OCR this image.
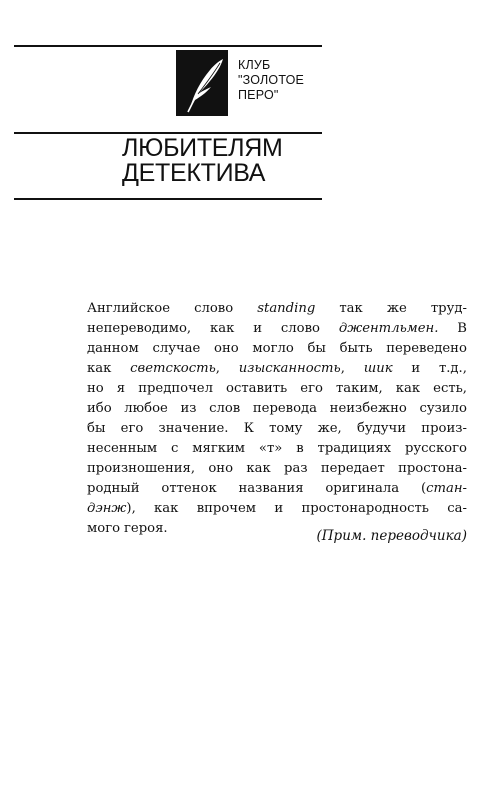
КЛУБ
"ЗОЛОТОЕ
ПЕРО"
ЛЮБИТЕЛЯМ
ДЕТЕКТИВА
Английское слово standing так же труд-
непереводимо, как и слово джентльмен. В
данном случае оно могло бы быть переведено
как светскость, изысканность, шик и т.д.,
но я предпочел оставить его таким, как есть,
ибо любое из слов перевода неизбежно сузило
бы его значение. К тому же, будучи произ-
несенным с мягким «т» в традициях русского
произношения, оно как раз передает простона-
родный оттенок названия оригинала (стан-
дэнж), как впрочем и простонародность са-
мого героя.	(Прим. переводчика)
